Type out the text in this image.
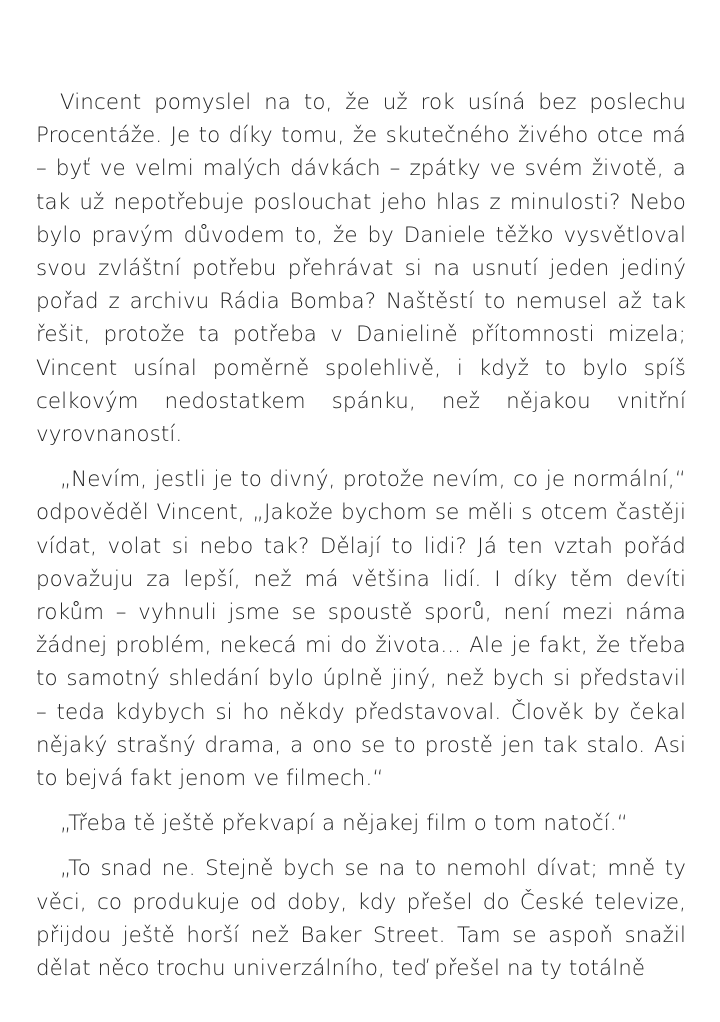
Vincent pomyslel na to, že už rok usíná bez poslechu Procentáže. Je to díky tomu, že skutečného živého otce má – byť ve velmi malých dávkách – zpátky ve svém životě, a tak už nepotřebuje poslouchat jeho hlas z minulosti? Nebo bylo pravým důvodem to, že by Daniele těžko vysvětloval svou zvláštní potřebu přehrávat si na usnutí jeden jediný pořad z archivu Rádia Bomba? Naštěstí to nemusel až tak řešit, protože ta potřeba v Danielině přítomnosti mizela; Vincent usínal poměrně spolehlivě, i když to bylo spíš celkovým nedostatkem spánku, než nějakou vnitřní vyrovnaností.

„Nevím, jestli je to divný, protože nevím, co je normální,“ odpověděl Vincent, „Jakože bychom se měli s otcem častěji vídat, volat si nebo tak? Dělají to lidi? Já ten vztah pořád považuju za lepší, než má většina lidí. I díky těm devíti rokům – vyhnuli jsme se spoustě sporů, není mezi náma žádnej problém, nekecá mi do života... Ale je fakt, že třeba to samotný shledání bylo úplně jiný, než bych si představil – teda kdybych si ho někdy představoval. Člověk by čekal nějaký strašný drama, a ono se to prostě jen tak stalo. Asi to bejvá fakt jenom ve filmech.“

„Třeba tě ještě překvapí a nějakej film o tom natočí.“

„To snad ne. Stejně bych se na to nemohl dívat; mně ty věci, co produkuje od doby, kdy přešel do České televize, přijdou ještě horší než Baker Street. Tam se aspoň snažil dělat něco trochu univerzálního, teď přešel na ty totálně
